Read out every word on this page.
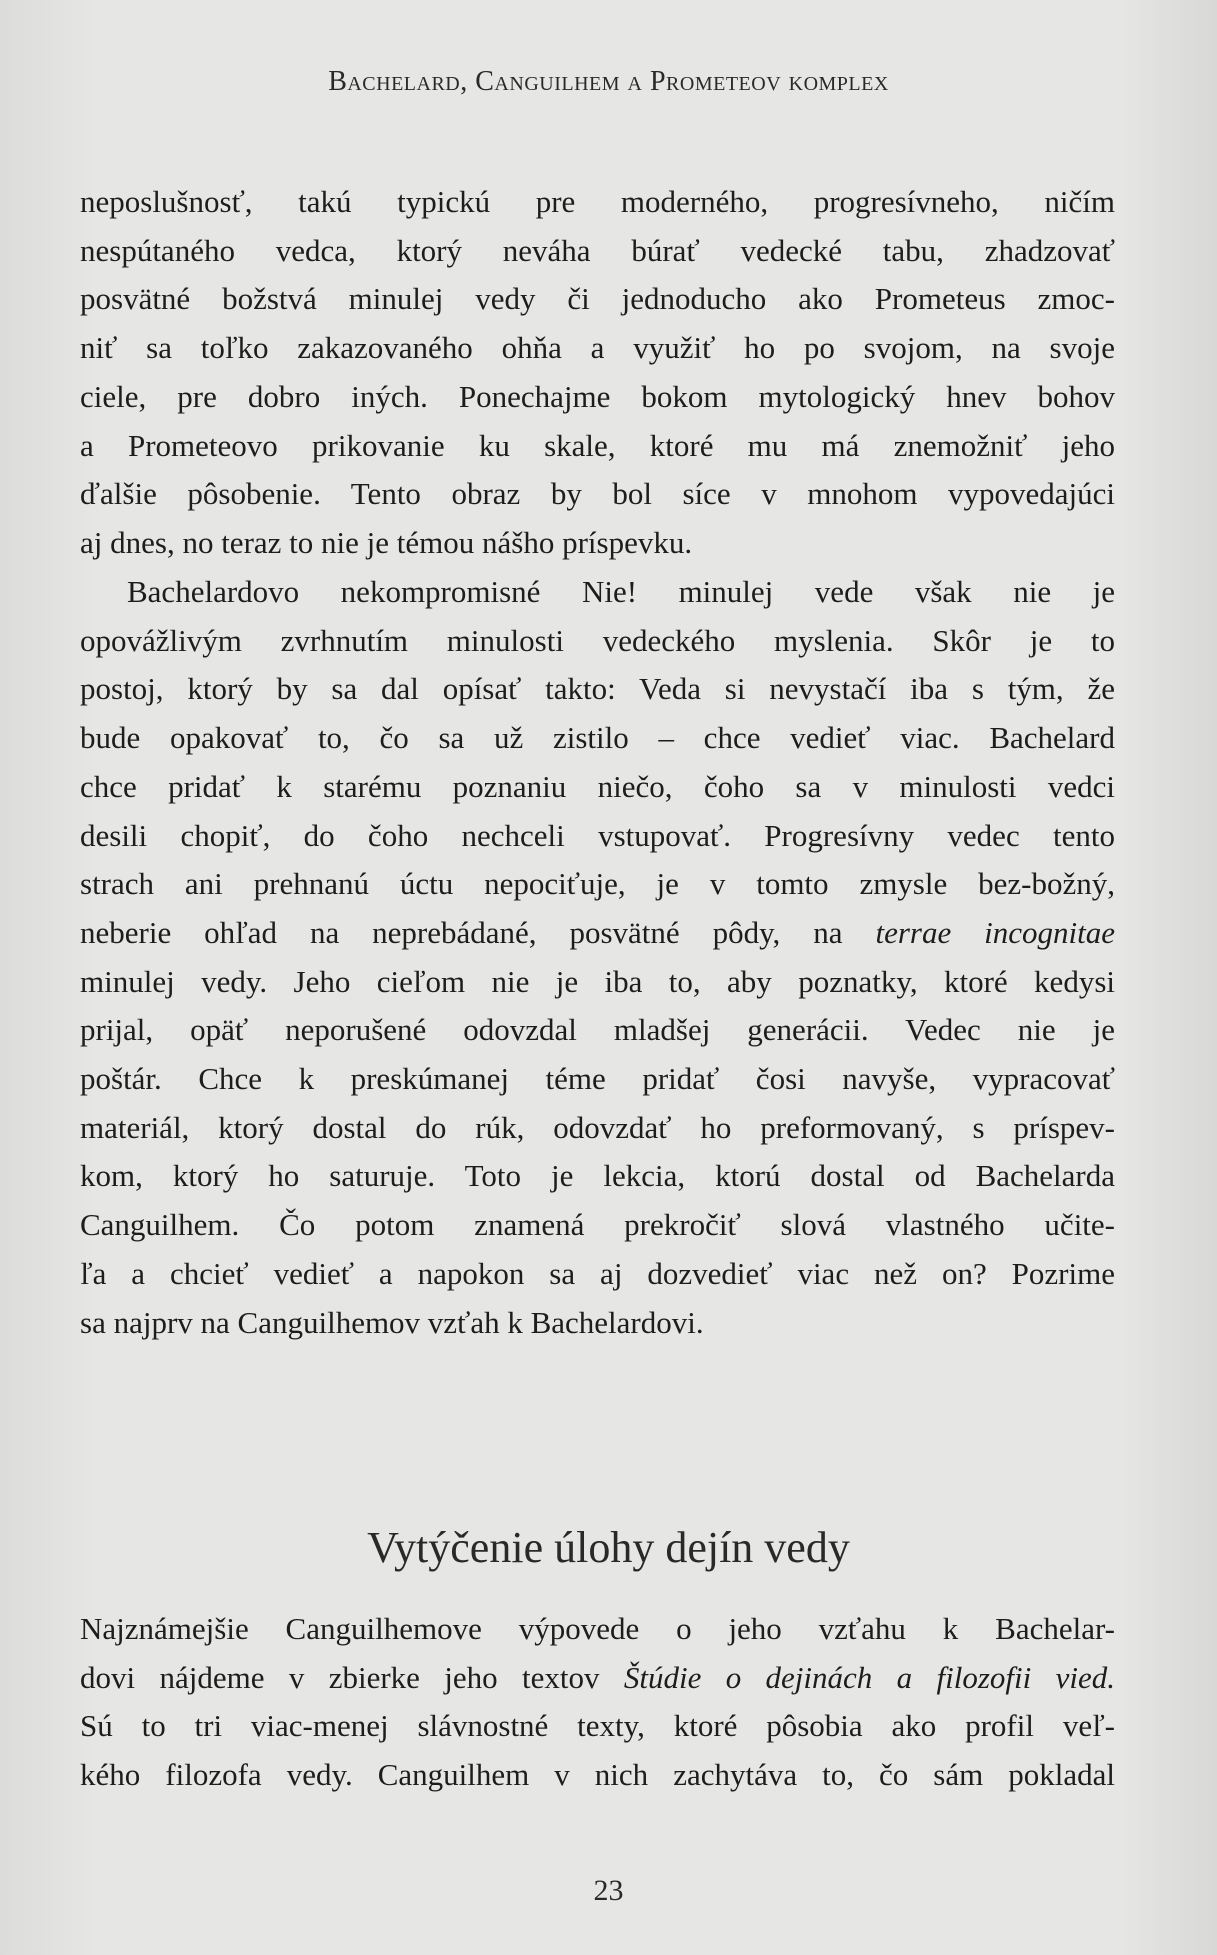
Bachelard, Canguilhem a Prometeov komplex

neposlušnosť, takú typickú pre moderného, progresívneho, ničím
nespútaného vedca, ktorý neváha búrať vedecké tabu, zhadzovať
posvätné božstvá minulej vedy či jednoducho ako Prometeus zmoc-
niť sa toľko zakazovaného ohňa a využiť ho po svojom, na svoje
ciele, pre dobro iných. Ponechajme bokom mytologický hnev bohov
a Prometeovo prikovanie ku skale, ktoré mu má znemožniť jeho
ďalšie pôsobenie. Tento obraz by bol síce v mnohom vypovedajúci
aj dnes, no teraz to nie je témou nášho príspevku.

Bachelardovo nekompromisné Nie! minulej vede však nie je
opovážlivým zvrhnutím minulosti vedeckého myslenia. Skôr je to
postoj, ktorý by sa dal opísať takto: Veda si nevystačí iba s tým, že
bude opakovať to, čo sa už zistilo – chce vedieť viac. Bachelard
chce pridať k starému poznaniu niečo, čoho sa v minulosti vedci
desili chopiť, do čoho nechceli vstupovať. Progresívny vedec tento
strach ani prehnanú úctu nepociťuje, je v tomto zmysle bez-božný,
neberie ohľad na neprebádané, posvätné pôdy, na terrae incognitae
minulej vedy. Jeho cieľom nie je iba to, aby poznatky, ktoré kedysi
prijal, opäť neporušené odovzdal mladšej generácii. Vedec nie je
poštár. Chce k preskúmanej téme pridať čosi navyše, vypracovať
materiál, ktorý dostal do rúk, odovzdať ho preformovaný, s príspev-
kom, ktorý ho saturuje. Toto je lekcia, ktorú dostal od Bachelarda
Canguilhem. Čo potom znamená prekročiť slová vlastného učite-
ľa a chcieť vedieť a napokon sa aj dozvedieť viac než on? Pozrime
sa najprv na Canguilhemov vzťah k Bachelardovi.

Vytýčenie úlohy dejín vedy

Najznámejšie Canguilhemove výpovede o jeho vzťahu k Bachelar-
dovi nájdeme v zbierke jeho textov Štúdie o dejinách a filozofii vied.
Sú to tri viac-menej slávnostné texty, ktoré pôsobia ako profil veľ-
kého filozofa vedy. Canguilhem v nich zachytáva to, čo sám pokladal

23
